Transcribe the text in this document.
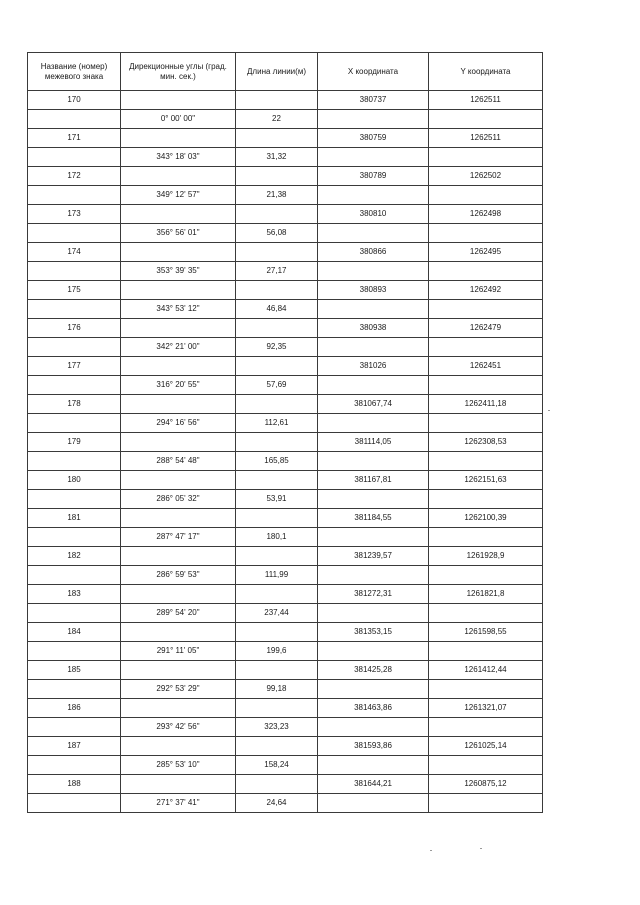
Название (номер) межевого знака	Дирекционные углы (град. мин. сек.)	Длина линии(м)	X координата	Y координата
170			380737	1262511
	0° 00' 00"	22		
171			380759	1262511
	343° 18' 03"	31,32		
172			380789	1262502
	349° 12' 57"	21,38		
173			380810	1262498
	356° 56' 01"	56,08		
174			380866	1262495
	353° 39' 35"	27,17		
175			380893	1262492
	343° 53' 12"	46,84		
176			380938	1262479
	342° 21' 00"	92,35		
177			381026	1262451
	316° 20' 55"	57,69		
178			381067,74	1262411,18
	294° 16' 56"	112,61		
179			381114,05	1262308,53
	288° 54' 48"	165,85		
180			381167,81	1262151,63
	286° 05' 32"	53,91		
181			381184,55	1262100,39
	287° 47' 17"	180,1		
182			381239,57	1261928,9
	286° 59' 53"	111,99		
183			381272,31	1261821,8
	289° 54' 20"	237,44		
184			381353,15	1261598,55
	291° 11' 05"	199,6		
185			381425,28	1261412,44
	292° 53' 29"	99,18		
186			381463,86	1261321,07
	293° 42' 56"	323,23		
187			381593,86	1261025,14
	285° 53' 10"	158,24		
188			381644,21	1260875,12
	271° 37' 41"	24,64		
